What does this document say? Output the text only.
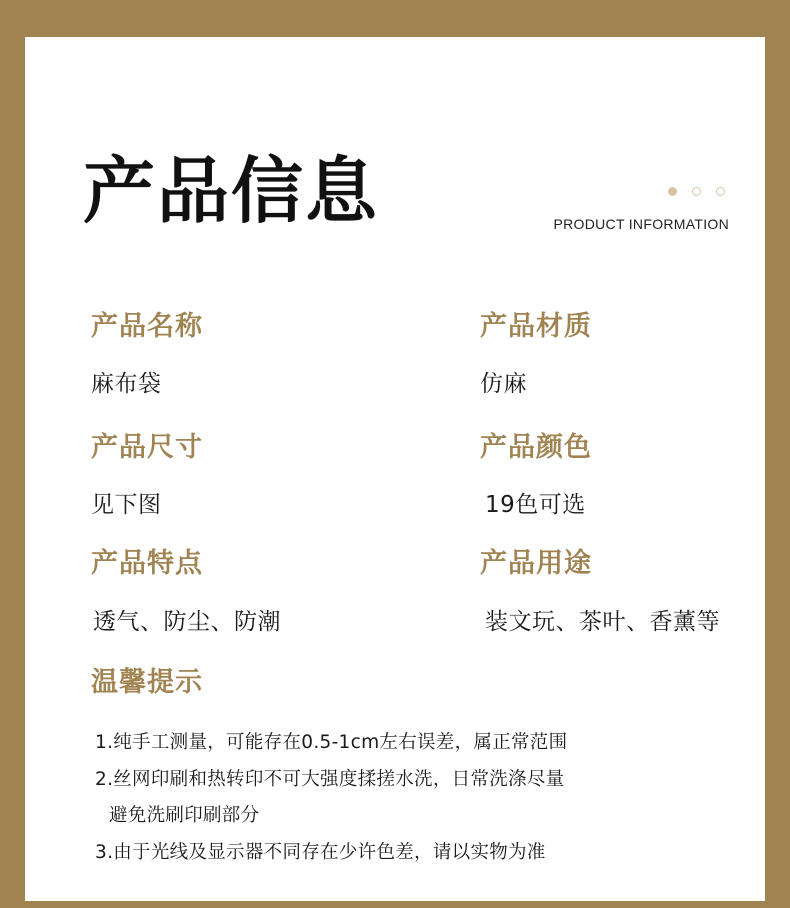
产品信息	PRODUCT INFORMATION
产品名称
麻布袋
产品材质
仿麻
产品尺寸
见下图
产品颜色
19色可选
产品特点
透气、防尘、防潮
产品用途
装文玩、茶叶、香薰等
温馨提示
1.纯手工测量，可能存在0.5-1cm左右误差，属正常范围
2.丝网印刷和热转印不可大强度揉搓水洗，日常洗涤尽量
避免洗刷印刷部分
3.由于光线及显示器不同存在少许色差，请以实物为准
